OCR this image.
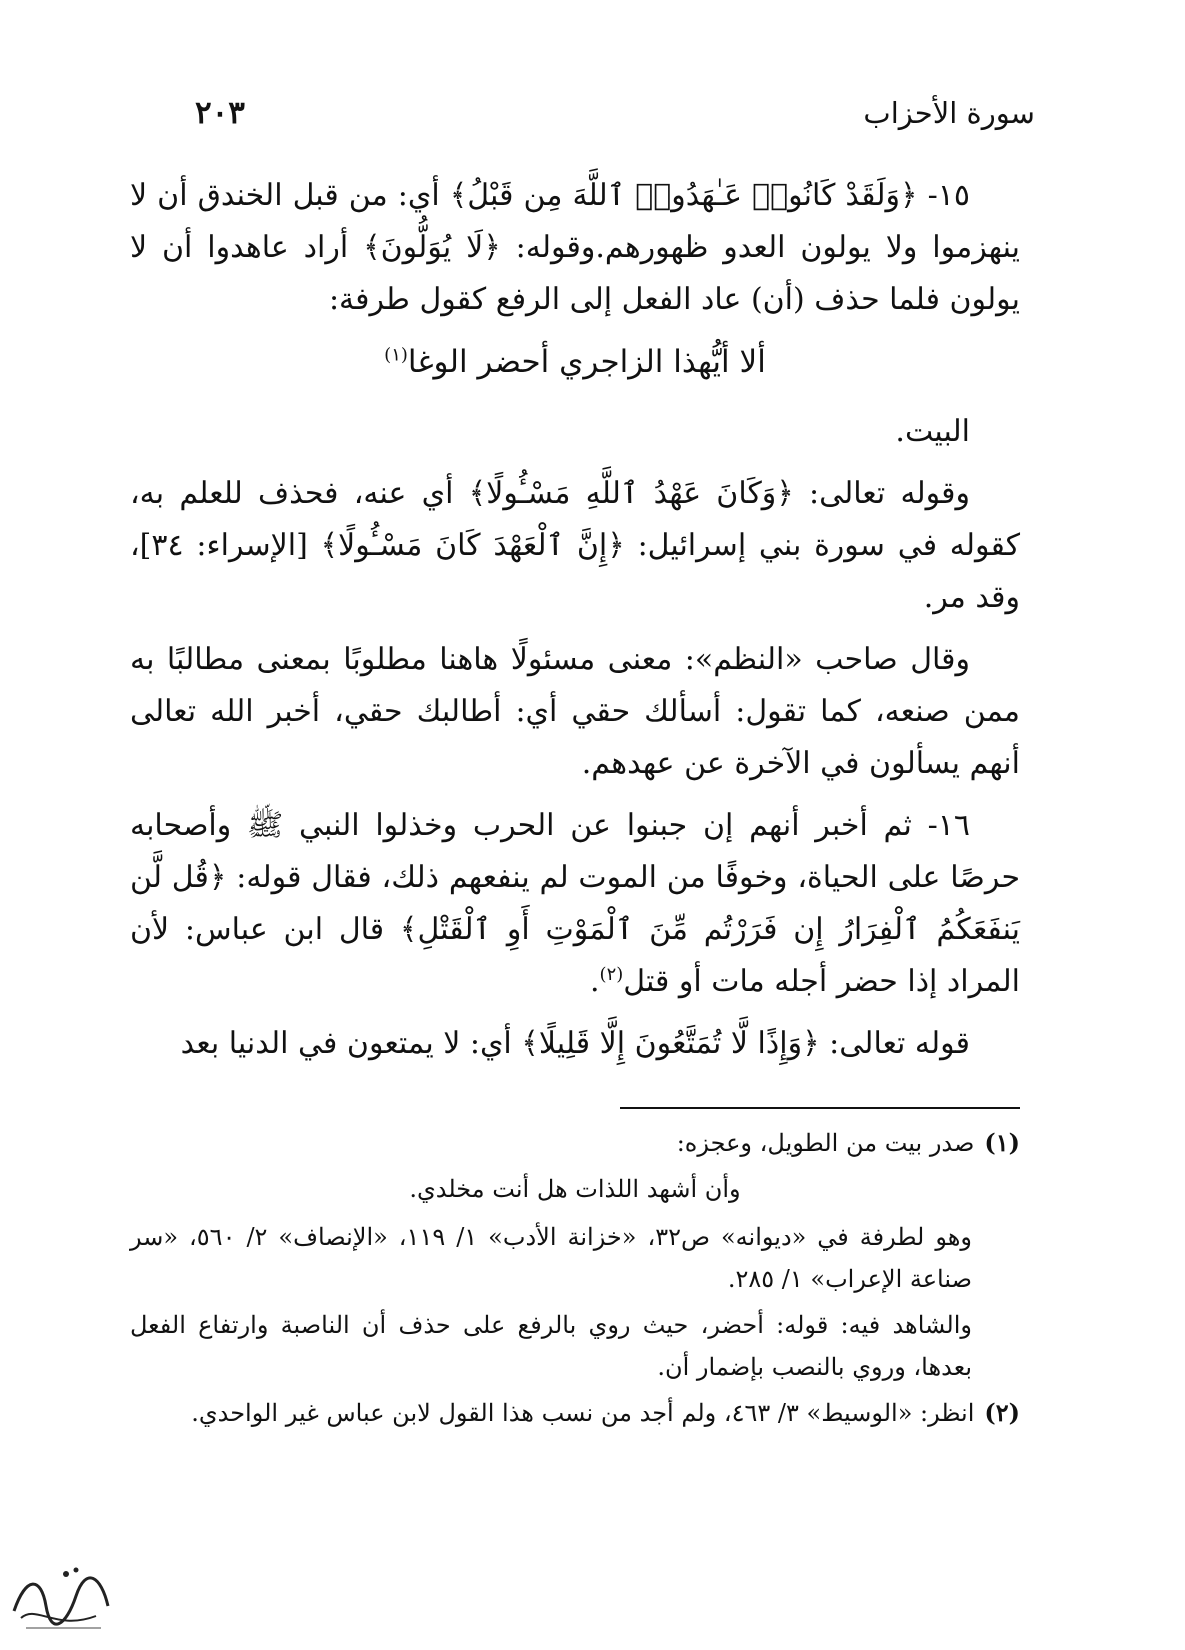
سورة الأحزاب
٢٠٣

١٥- ﴿وَلَقَدْ كَانُوا۟ عَـٰهَدُوا۟ ٱللَّهَ مِن قَبْلُ﴾ أي: من قبل الخندق أن لا ينهزموا ولا يولون العدو ظهورهم.وقوله: ﴿لَا يُوَلُّونَ﴾ أراد عاهدوا أن لا يولون فلما حذف (أن) عاد الفعل إلى الرفع كقول طرفة:

ألا أيُّهذا الزاجري أحضر الوغا$^{(١)}$

البيت.

وقوله تعالى: ﴿وَكَانَ عَهْدُ ٱللَّهِ مَسْـُٔولًا﴾ أي عنه، فحذف للعلم به، كقوله في سورة بني إسرائيل: ﴿إِنَّ ٱلْعَهْدَ كَانَ مَسْـُٔولًا﴾ [الإسراء: ٣٤]، وقد مر.

وقال صاحب «النظم»: معنى مسئولًا هاهنا مطلوبًا بمعنى مطالبًا به ممن صنعه، كما تقول: أسألك حقي أي: أطالبك حقي، أخبر الله تعالى أنهم يسألون في الآخرة عن عهدهم.

١٦- ثم أخبر أنهم إن جبنوا عن الحرب وخذلوا النبي ﷺ وأصحابه حرصًا على الحياة، وخوفًا من الموت لم ينفعهم ذلك، فقال قوله: ﴿قُل لَّن يَنفَعَكُمُ ٱلْفِرَارُ إِن فَرَرْتُم مِّنَ ٱلْمَوْتِ أَوِ ٱلْقَتْلِ﴾ قال ابن عباس: لأن المراد إذا حضر أجله مات أو قتل$^{(٢)}$.

قوله تعالى: ﴿وَإِذًا لَّا تُمَتَّعُونَ إِلَّا قَلِيلًا﴾ أي: لا يمتعون في الدنيا بعد

(١)صدر بيت من الطويل، وعجزه:

وأن أشهد اللذات هل أنت مخلدي.

وهو لطرفة في «ديوانه» ص٣٢، «خزانة الأدب» ١/ ١١٩، «الإنصاف» ٢/ ٥٦٠، «سر صناعة الإعراب» ١/ ٢٨٥.

والشاهد فيه: قوله: أحضر، حيث روي بالرفع على حذف أن الناصبة وارتفاع الفعل بعدها، وروي بالنصب بإضمار أن.

(٢)انظر: «الوسيط» ٣/ ٤٦٣، ولم أجد من نسب هذا القول لابن عباس غير الواحدي.
